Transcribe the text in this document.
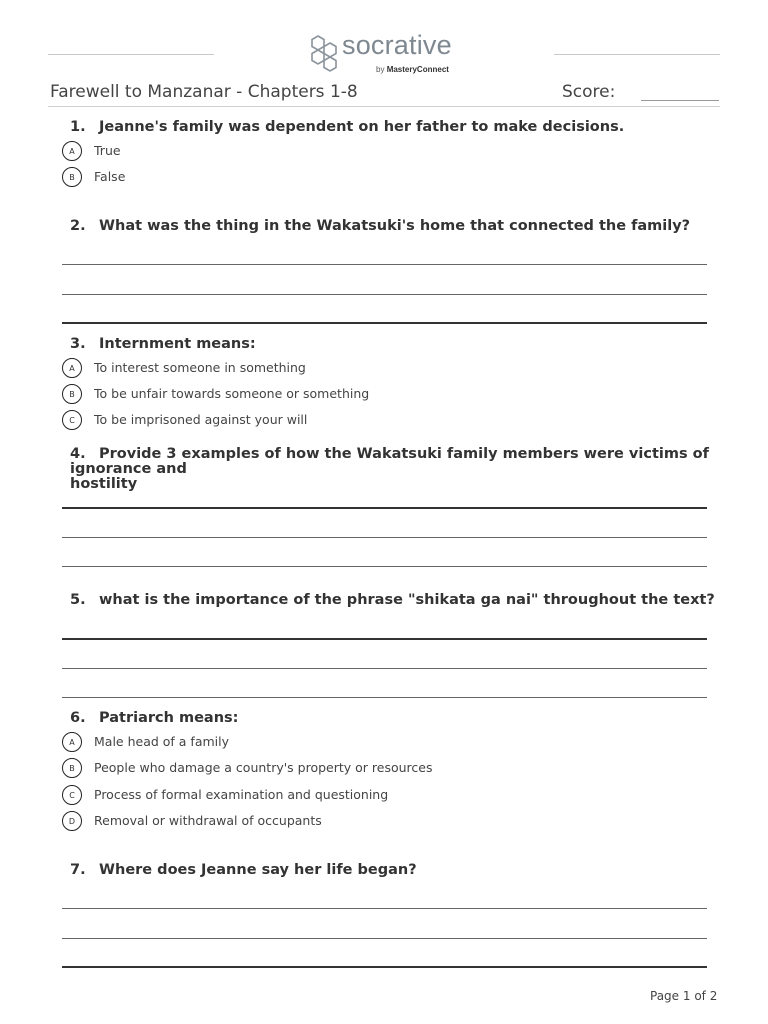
socrative
by MasteryConnect
Farewell to Manzanar - Chapters 1-8	Score:
1. Jeanne's family was dependent on her father to make decisions.
A	True
B	False
2. What was the thing in the Wakatsuki's home that connected the family?
3. Internment means:
A	To interest someone in something
B	To be unfair towards someone or something
C	To be imprisoned against your will
4. Provide 3 examples of how the Wakatsuki family members were victims of ignorance and
hostility
5. what is the importance of the phrase "shikata ga nai" throughout the text?
6. Patriarch means:
A	Male head of a family
B	People who damage a country's property or resources
C	Process of formal examination and questioning
D	Removal or withdrawal of occupants
7. Where does Jeanne say her life began?
Page 1 of 2
